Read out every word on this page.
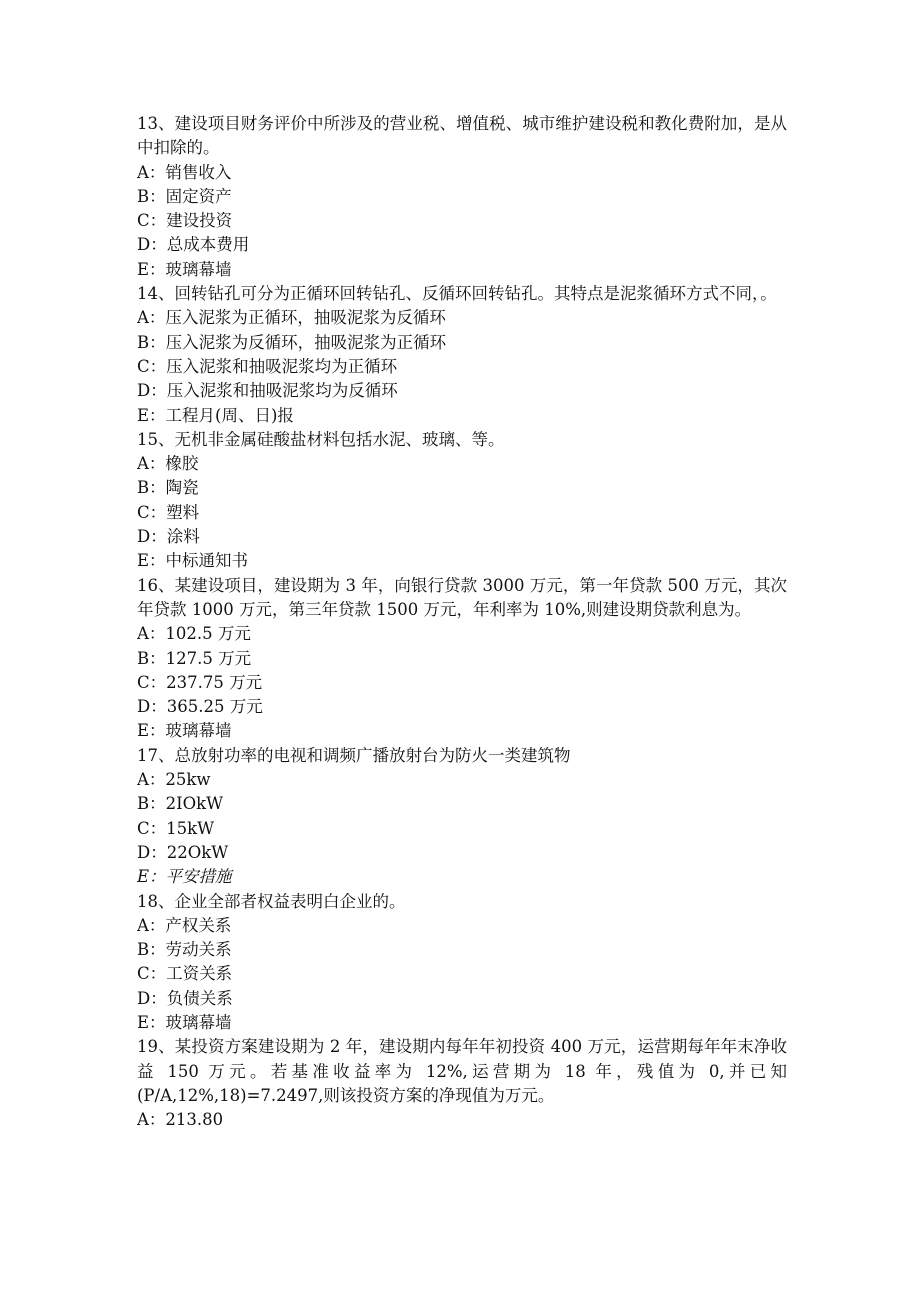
13、建设项目财务评价中所涉及的营业税、增值税、城市维护建设税和教化费附加，是从中扣除的。
A：销售收入
B：固定资产
C：建设投资
D：总成本费用
E：玻璃幕墙
14、回转钻孔可分为正循环回转钻孔、反循环回转钻孔。其特点是泥浆循环方式不同，。
A：压入泥浆为正循环，抽吸泥浆为反循环
B：压入泥浆为反循环，抽吸泥浆为正循环
C：压入泥浆和抽吸泥浆均为正循环
D：压入泥浆和抽吸泥浆均为反循环
E：工程月(周、日)报
15、无机非金属硅酸盐材料包括水泥、玻璃、等。
A：橡胶
B：陶瓷
C：塑料
D：涂料
E：中标通知书
16、某建设项目，建设期为 3 年，向银行贷款 3000 万元，第一年贷款 500 万元，其次年贷款 1000 万元，第三年贷款 1500 万元，年利率为 10%,则建设期贷款利息为。
A：102.5 万元
B：127.5 万元
C：237.75 万元
D：365.25 万元
E：玻璃幕墙
17、总放射功率的电视和调频广播放射台为防火一类建筑物
A：25kw
B：2IOkW
C：15kW
D：22OkW
E：平安措施
18、企业全部者权益表明白企业的。
A：产权关系
B：劳动关系
C：工资关系
D：负债关系
E：玻璃幕墙
19、某投资方案建设期为 2 年，建设期内每年年初投资 400 万元，运营期每年年末净收益 150 万元。若基准收益率为 12%,运营期为 18 年，残值为 0,并已知(P/A,12%,18)=7.2497,则该投资方案的净现值为万元。
A：213.80
